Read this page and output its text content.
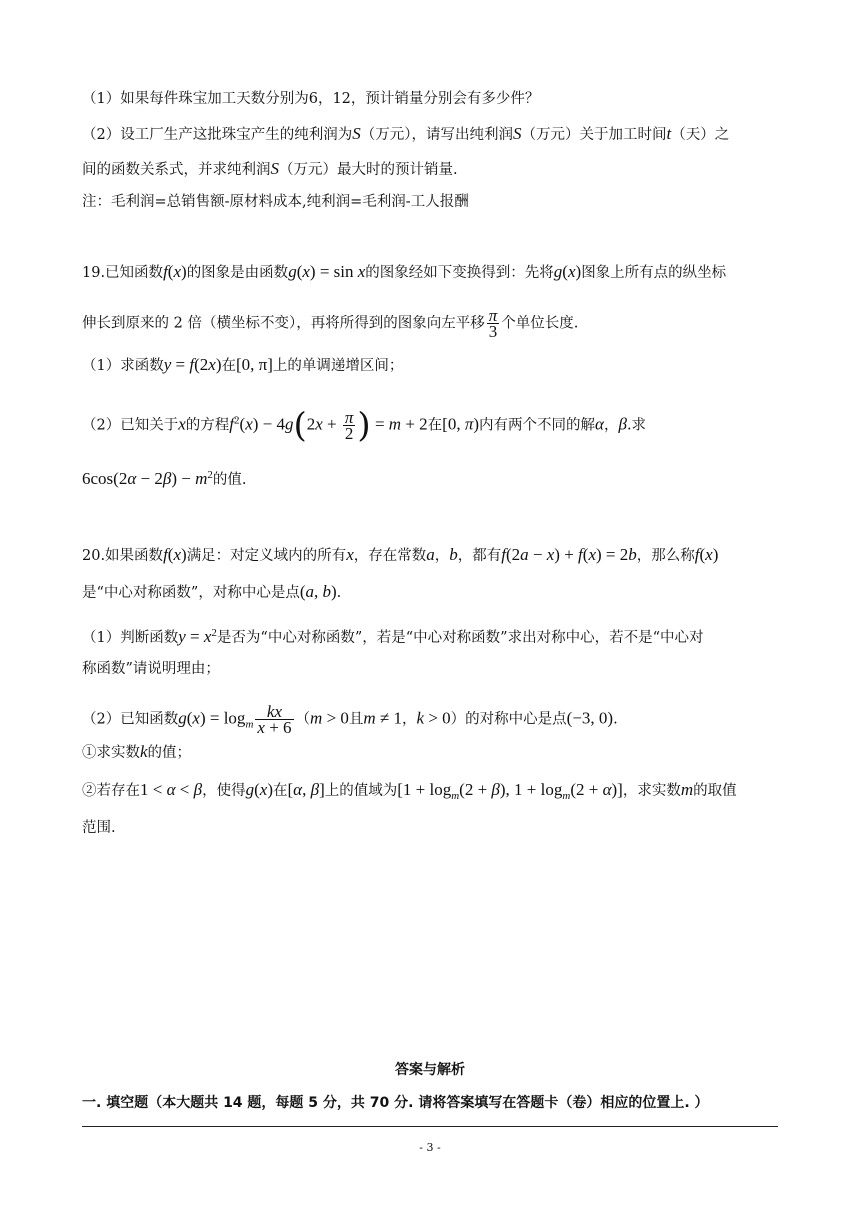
（1）如果每件珠宝加工天数分别为6，12，预计销量分别会有多少件？
（2）设工厂生产这批珠宝产生的纯利润为S（万元），请写出纯利润S（万元）关于加工时间t（天）之
间的函数关系式，并求纯利润S（万元）最大时的预计销量.
注：毛利润=总销售额-原材料成本,纯利润=毛利润-工人报酬
19.已知函数f(x)的图象是由函数g(x) = sin x的图象经如下变换得到：先将g(x)图象上所有点的纵坐标
伸长到原来的 2 倍（横坐标不变），再将所得到的图象向左平移 $\frac{\pi}{3}$ 个单位长度.
（1）求函数y = f(2x)在[0, π]上的单调递增区间；
（2）已知关于x的方程$f^2(x) - 4g(2x + \frac{\pi}{2}$ ) = m + 2在[0, π)内有两个不同的解α，β.求
$6\cos(2\alpha - 2\beta) - m^2$的值.
20.如果函数f(x)满足：对定义域内的所有x，存在常数a，b，都有f(2a − x) + f(x) = 2b，那么称f(x)
是“中心对称函数”，对称中心是点(a, b).
（1）判断函数$y = x^2$是否为“中心对称函数”，若是“中心对称函数”求出对称中心，若不是“中心对
称函数”请说明理由；
（2）已知函数$g(x) = \log_m \frac{kx}{x + 6} (m > 0$且m ≠ 1，k > 0）的对称中心是点(−3, 0).
①求实数k的值；
②若存在1 < α < β，使得g(x)在[α, β]上的值域为[$1 + \log_m(2 + \beta)$, $1 + \log_m(2 + \alpha)$]，求实数m的取值
范围.
答案与解析
一. 填空题（本大题共 14 题，每题 5 分，共 70 分. 请将答案填写在答题卡（卷）相应的位置上. ）
- 3 -
